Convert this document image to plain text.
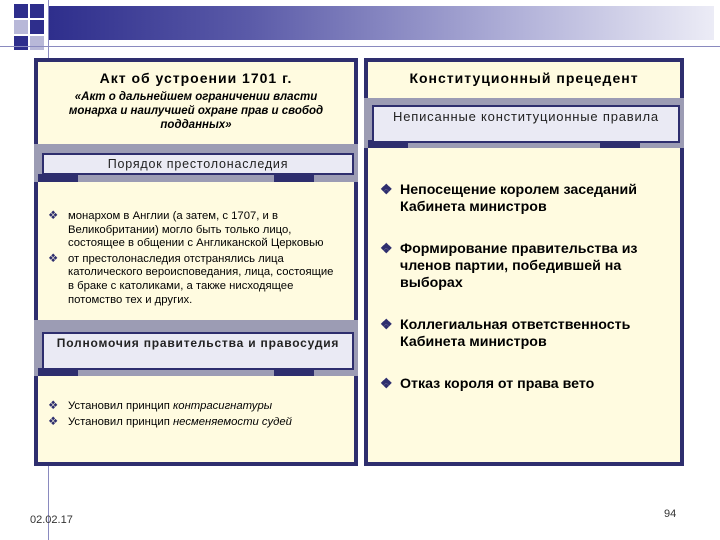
Акт об устроении 1701 г.
«Акт о дальнейшем ограничении власти монарха и наилучшей охране прав и свобод подданных»
Порядок престолонаследия
❖ монархом в Англии (а затем, с 1707, и в Великобритании) могло быть только лицо, состоящее в общении с Англиканской Церковью
❖ от престолонаследия отстранялись лица католического вероисповедания, лица, состоящие в браке с католиками, а также нисходящее потомство тех и других.
Полномочия правительства и правосудия
❖ Установил принцип контрасигнатуры
❖ Установил принцип несменяемости судей
Конституционный прецедент
Неписанные конституционные правила
❖ Непосещение королем заседаний Кабинета министров
❖ Формирование правительства из членов партии, победившей на выборах
❖ Коллегиальная ответственность Кабинета министров
❖ Отказ короля от права вето
02.02.17	94
